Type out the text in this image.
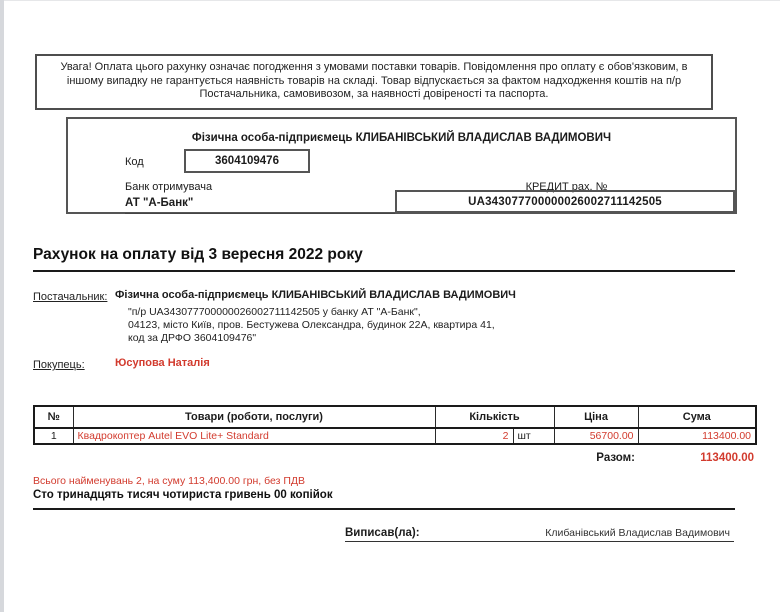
Увага! Оплата цього рахунку означає погодження з умовами поставки товарів. Повідомлення про оплату є обов'язковим, в іншому випадку не гарантується наявність товарів на складі. Товар відпускається за фактом надходження коштів на п/р Постачальника, самовивозом, за наявності довіреності та паспорта.
Фізична особа-підприємець КЛИБАНІВСЬКИЙ ВЛАДИСЛАВ ВАДИМОВИЧ
Код	3604109476
Банк отримувача	КРЕДИТ рах. №
АТ "А-Банк"	UA343077700000026002711142505
Рахунок на оплату від 3 вересня 2022 року
Постачальник: Фізична особа-підприємець КЛИБАНІВСЬКИЙ ВЛАДИСЛАВ ВАДИМОВИЧ
"п/р UA343077700000026002711142505 у банку АТ "А-Банк",
04123, місто Київ, пров. Бестужева Олександра, будинок 22А, квартира 41,
код за ДРФО 3604109476"
Покупець:	Юсупова Наталія
№	Товари (роботи, послуги)	Кількість		Ціна	Сума
1	Квадрокоптер Autel EVO Lite+ Standard	2	шт	56700.00	113400.00
Разом:	113400.00
Всього найменувань 2, на суму 113,400.00 грн, без ПДВ
Сто тринадцять тисяч чотириста гривень 00 копійок
Виписав(ла):	Клибанівський Владислав Вадимович
